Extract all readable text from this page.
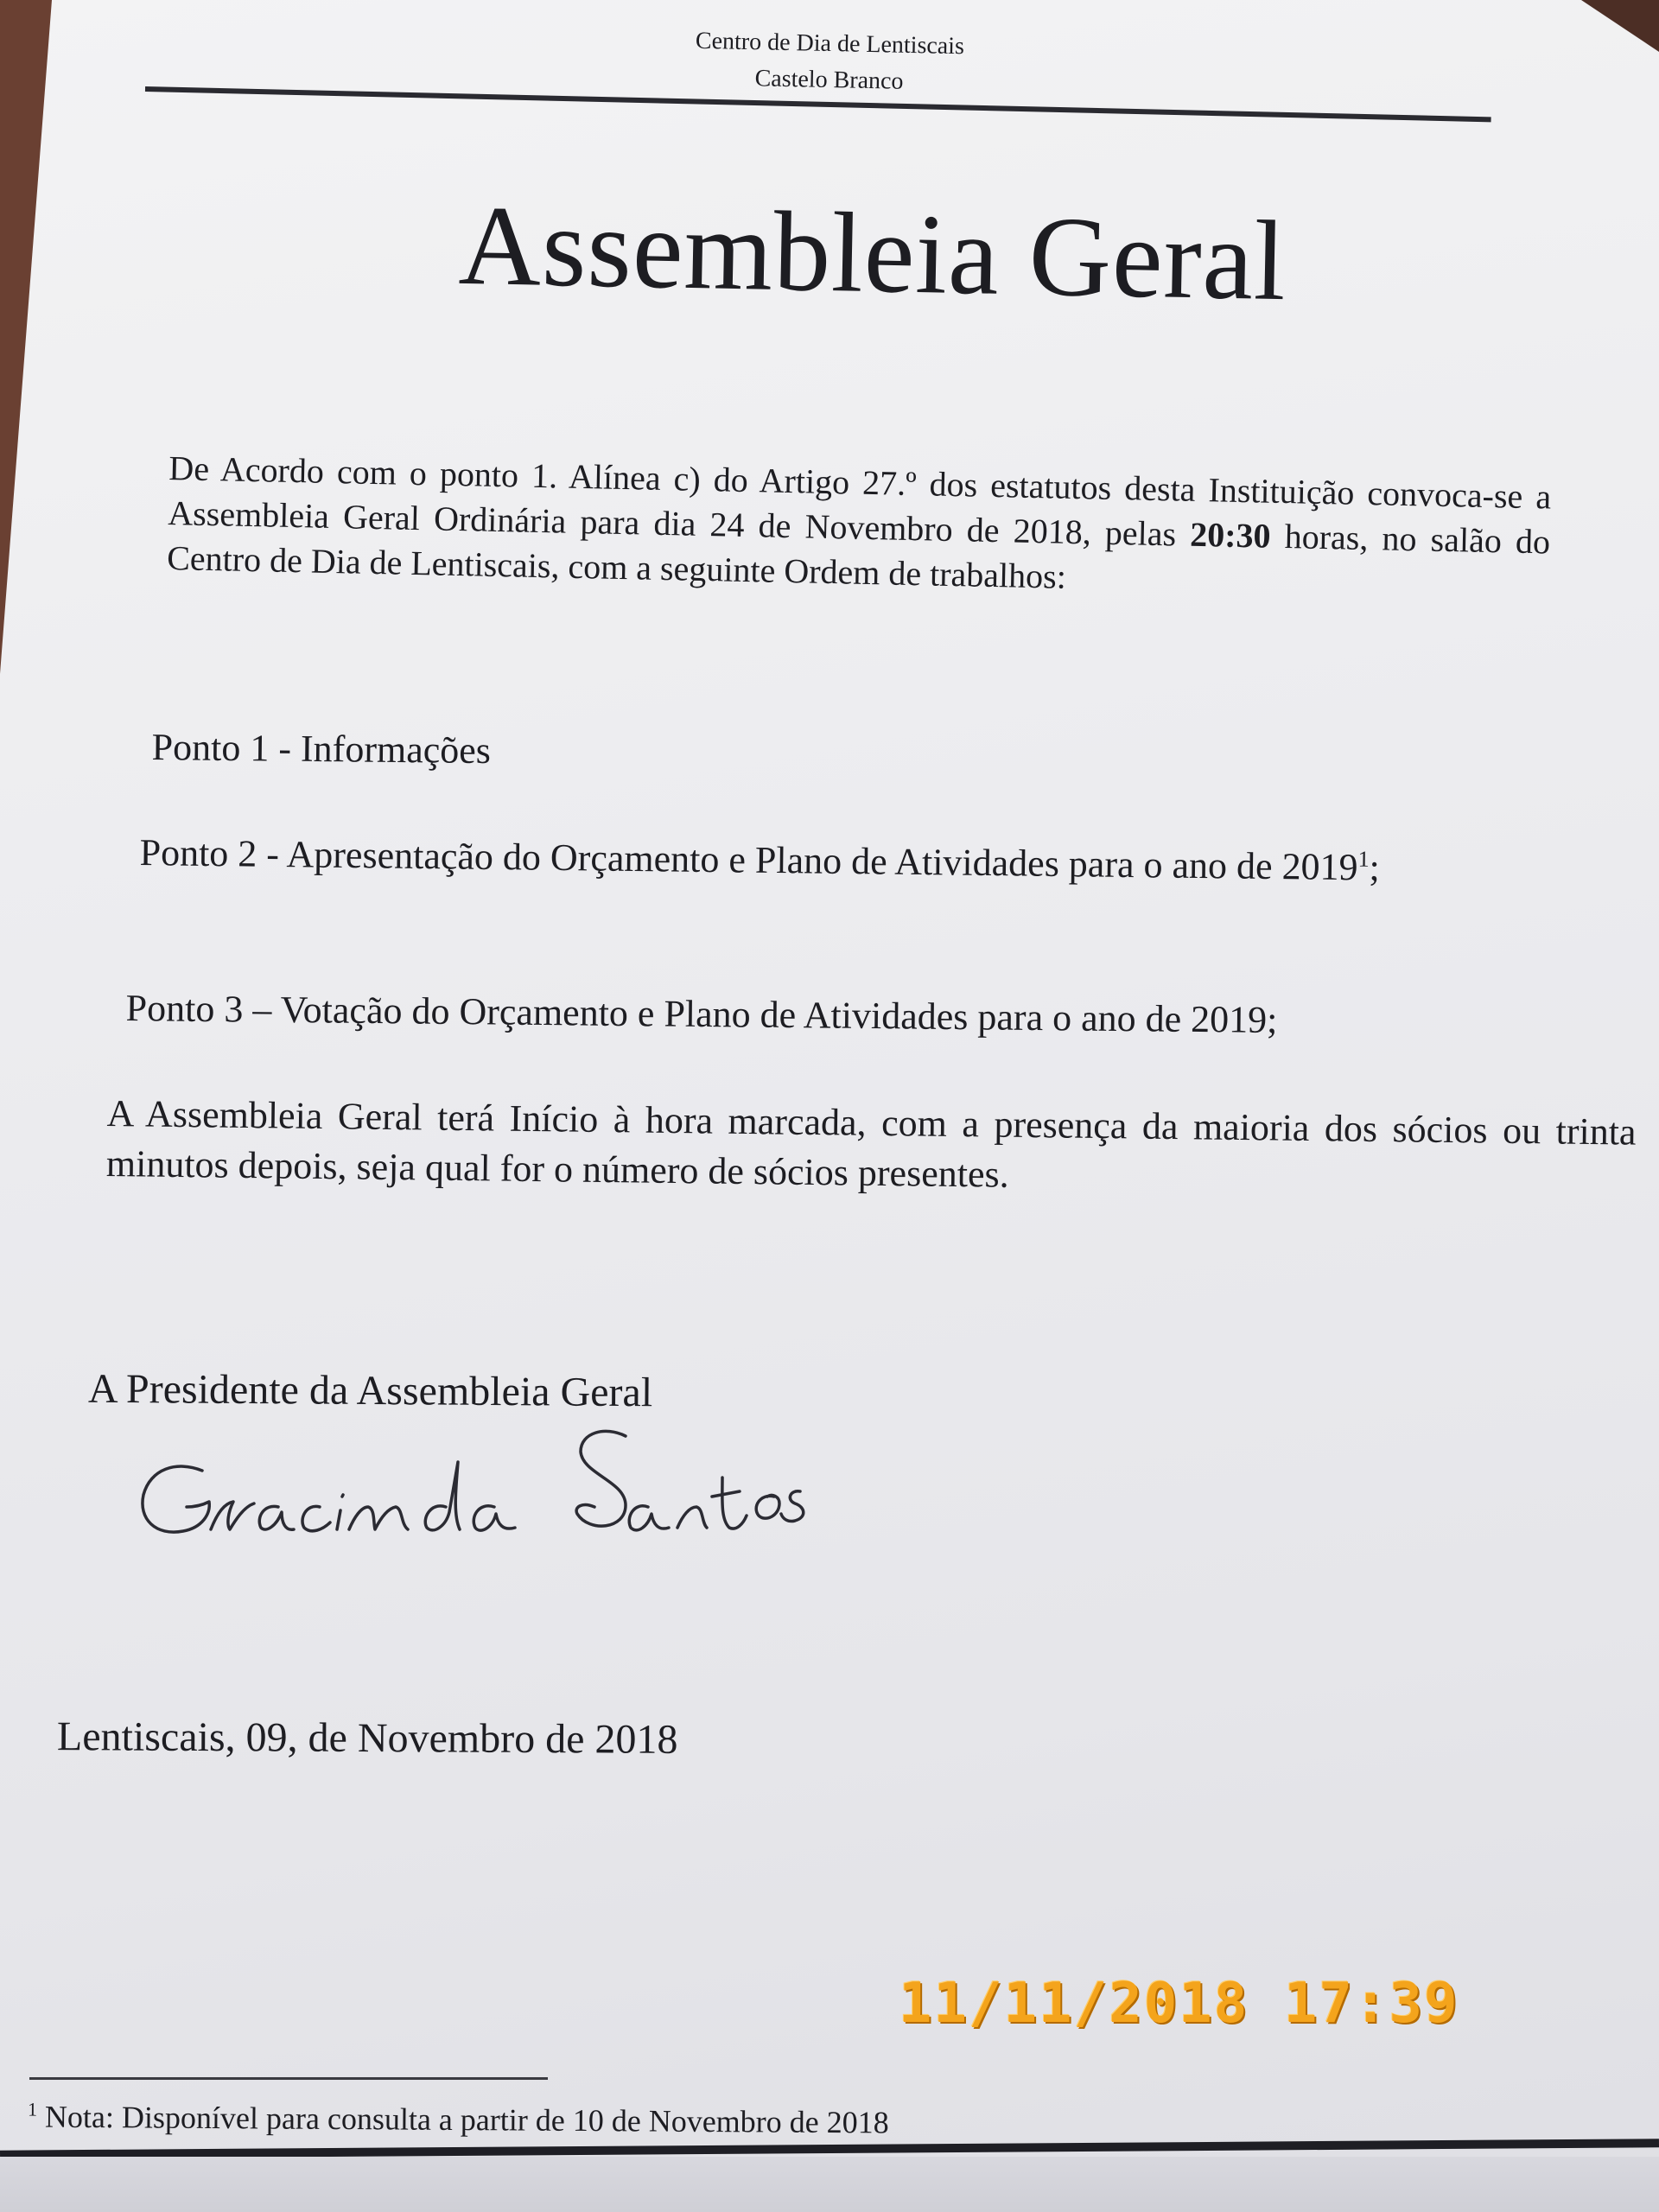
Centro de Dia de Lentiscais
Castelo Branco
Assembleia Geral
De Acordo com o ponto 1. Alínea c) do Artigo 27.º dos estatutos desta Instituição convoca-se a Assembleia Geral Ordinária para dia 24 de Novembro de 2018, pelas 20:30 horas, no salão do Centro de Dia de Lentiscais, com a seguinte Ordem de trabalhos:
Ponto 1 - Informações
Ponto 2 - Apresentação do Orçamento e Plano de Atividades para o ano de 2019$^1$;
Ponto 3 – Votação do Orçamento e Plano de Atividades para o ano de 2019;
A Assembleia Geral terá Início à hora marcada, com a presença da maioria dos sócios ou trinta minutos depois, seja qual for o número de sócios presentes.
A Presidente da Assembleia Geral
Lentiscais, 09, de Novembro de 2018
11/11/2018 17:39
$^1$ Nota: Disponível para consulta a partir de 10 de Novembro de 2018
